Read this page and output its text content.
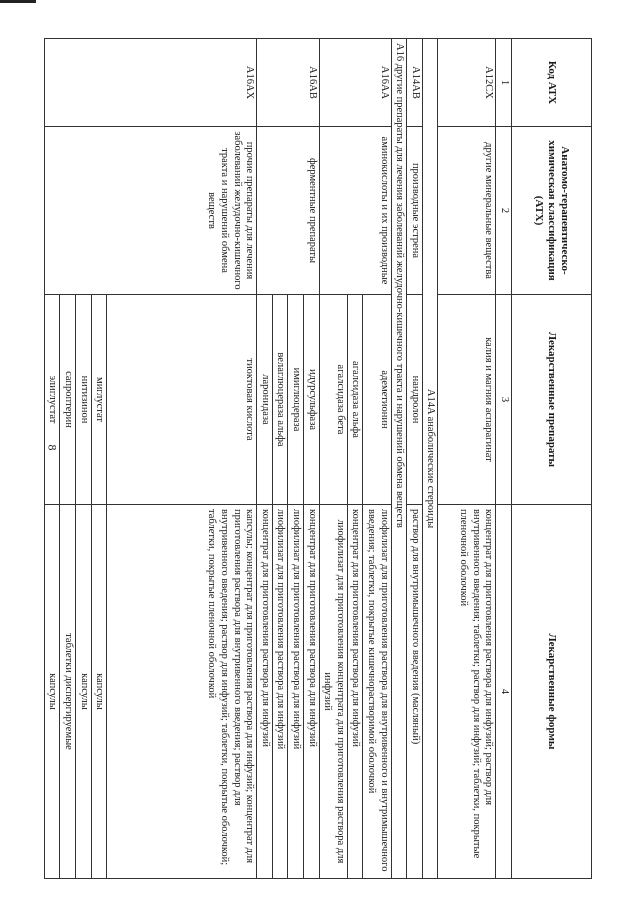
8
Код АТХ	Анатомо-терапевтическо-химическая классификация (АТХ)	Лекарственные препараты	Лекарственные формы
1	2	3	4
A12CX	другие минеральные вещества	калия и магния аспарагинат	концентрат для приготовления раствора для инфузий; раствор для внутривенного введения; таблетки; раствор для инфузий; таблетки, покрытые пленочной оболочкой
A14A анаболические стероиды			
A14AB	производные эстрена	нандролон	раствор для внутримышечного введения (масляный)
A16 другие препараты для лечения заболеваний желудочно-кишечного тракта и нарушений обмена веществ			
A16AA	аминокислоты и их производные	адеметионин	лиофилизат для приготовления раствора для внутривенного и внутримышечного введения; таблетки, покрытые кишечнорастворимой оболочкой
		агалсидаза альфа	концентрат для приготовления раствора для инфузий
		агалсидаза бета	лиофилизат для приготовления концентрата для приготовления раствора для инфузий
A16AB	ферментные препараты	идурсульфаза	концентрат для приготовления раствора для инфузий
		имиглюцераза	лиофилизат для приготовления раствора для инфузий
		велаглюцераза альфа	лиофилизат для приготовления раствора для инфузий
		ларонидаза	концентрат для приготовления раствора для инфузий
A16AX	прочие препараты для лечения заболеваний желудочно-кишечного тракта и нарушений обмена веществ	тиоктовая кислота	капсулы; концентрат для приготовления раствора для инфузий; концентрат для приготовления раствора для внутривенного введения; раствор для внутривенного введения; раствор для инфузий; таблетки, покрытые оболочкой; таблетки, покрытые пленочной оболочкой
		миглустат	капсулы
		нитизинон	капсулы
		сапроптерин	таблетки диспергируемые
		элиглустат	капсулы
